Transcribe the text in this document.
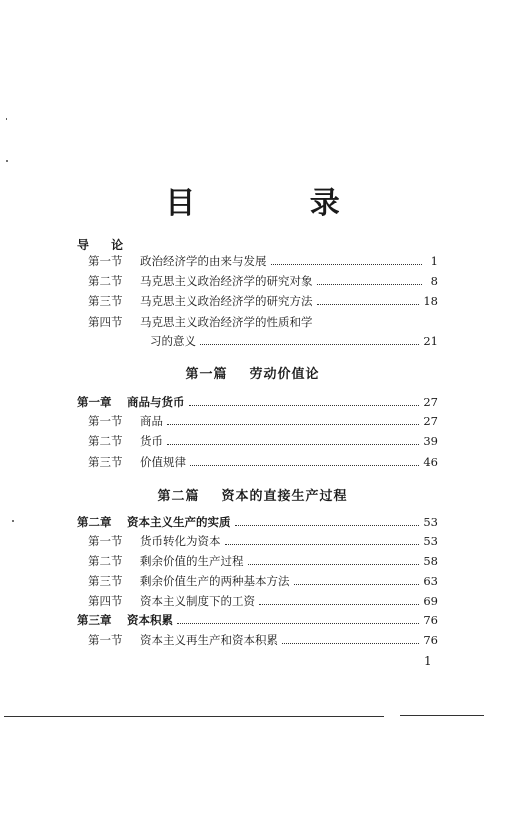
目 录
导 论
第一节 政治经济学的由来与发展	1
第二节 马克思主义政治经济学的研究对象	8
第三节 马克思主义政治经济学的研究方法	18
第四节 马克思主义政治经济学的性质和学
习的意义	21
第一篇 劳动价值论
第一章 商品与货币	27
第一节 商品	27
第二节 货币	39
第三节 价值规律	46
第二篇 资本的直接生产过程
第二章 资本主义生产的实质	53
第一节 货币转化为资本	53
第二节 剩余价值的生产过程	58
第三节 剩余价值生产的两种基本方法	63
第四节 资本主义制度下的工资	69
第三章 资本积累	76
第一节 资本主义再生产和资本积累	76
1
